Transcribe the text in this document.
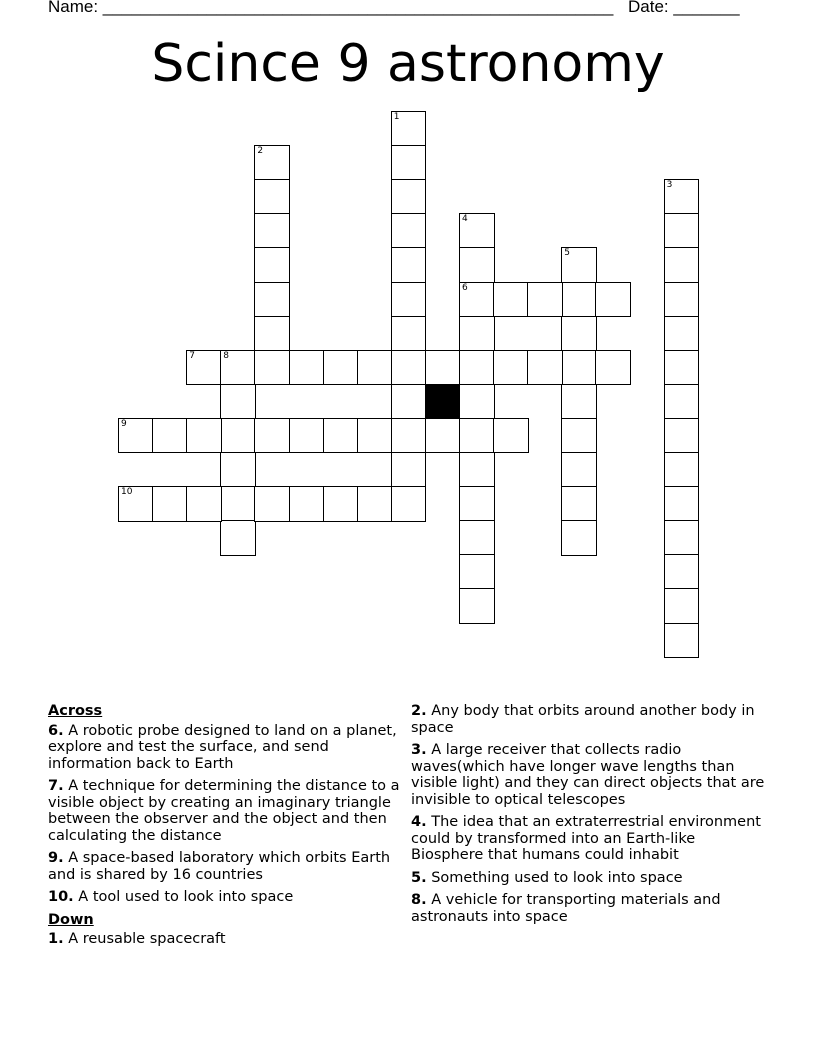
Name: ______________________________________________________ Date: _______
Scince 9 astronomy
1
2
3
4
6
5
7	8
9
10
Across
6. A robotic probe designed to land on a planet, explore and test the surface, and send information back to Earth
7. A technique for determining the distance to a visible object by creating an imaginary triangle between the observer and the object and then calculating the distance
9. A space-based laboratory which orbits Earth and is shared by 16 countries
10. A tool used to look into space
Down
1. A reusable spacecraft
2. Any body that orbits around another body in space
3. A large receiver that collects radio waves(which have longer wave lengths than visible light) and they can direct objects that are invisible to optical telescopes
4. The idea that an extraterrestrial environment could by transformed into an Earth-like Biosphere that humans could inhabit
5. Something used to look into space
8. A vehicle for transporting materials and astronauts into space
